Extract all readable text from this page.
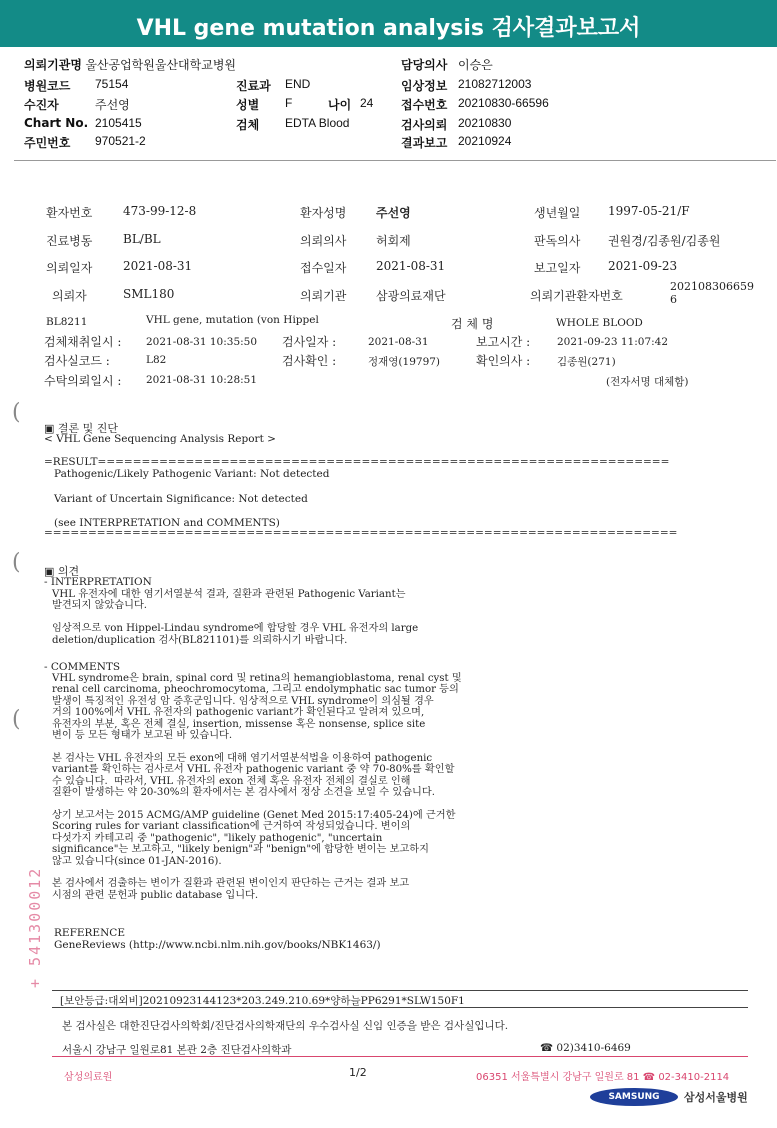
VHL gene mutation analysis 검사결과보고서
의뢰기관명 울산공업학원울산대학교병원
병원코드 75154
수진자	주선영
Chart No. 2105415
주민번호 970521-2
진료과 END
성별 F	나이 24
검체 EDTA Blood
담당의사 이승은
임상정보 21082712003
접수번호 20210830-66596
검사의뢰 20210830
결과보고 20210924
환자번호	473-99-12-8	환자성명 주선영	생년월일 1997-05-21/F
진료병동	BL/BL	의뢰의사 허회제	판독의사 권원경/김종원/김종원
의뢰일자	2021-08-31	접수일자 2021-08-31	보고일자 2021-09-23
의뢰자	SML180	의뢰기관 삼광의료재단	의뢰기관환자번호
202108306659
6
BL8211	VHL gene, mutation (von Hippel	검 체 명	WHOLE BLOOD
검체채취일시 : 2021-08-31 10:35:50 검사일자 :	2021-08-31	보고시간 :	2021-09-23 11:07:42
검사실코드 :	L82	검사확인 :	정재영(19797)	확인의사 :	김종원(271)
수탁의뢰일시 : 2021-08-31 10:28:51	(전자서명 대체함)
(
(
(
▣ 결론 및 진단
< VHL Gene Sequencing Analysis Report >
=RESULT=================================================================
Pathogenic/Likely Pathogenic Variant: Not detected
Variant of Uncertain Significance: Not detected
(see INTERPRETATION and COMMENTS)
========================================================================
▣ 의견
- INTERPRETATION
VHL 유전자에 대한 염기서열분석 결과, 질환과 관련된 Pathogenic Variant는
발견되지 않았습니다.

임상적으로 von Hippel-Lindau syndrome에 합당할 경우 VHL 유전자의 large
deletion/duplication 검사(BL821101)를 의뢰하시기 바랍니다.
- COMMENTS
VHL syndrome은 brain, spinal cord 및 retina의 hemangioblastoma, renal cyst 및
renal cell carcinoma, pheochromocytoma, 그리고 endolymphatic sac tumor 등의
발생이 특징적인 유전성 암 증후군입니다. 임상적으로 VHL syndrome이 의심될 경우
거의 100%에서 VHL 유전자의 pathogenic variant가 확인된다고 알려져 있으며,
유전자의 부분, 혹은 전체 결실, insertion, missense 혹은 nonsense, splice site
변이 등 모든 형태가 보고된 바 있습니다.

본 검사는 VHL 유전자의 모든 exon에 대해 염기서열분석법을 이용하여 pathogenic
variant를 확인하는 검사로서 VHL 유전자 pathogenic variant 중 약 70-80%를 확인할
수 있습니다.  따라서, VHL 유전자의 exon 전체 혹은 유전자 전체의 결실로 인해
질환이 발생하는 약 20-30%의 환자에서는 본 검사에서 정상 소견을 보일 수 있습니다.

상기 보고서는 2015 ACMG/AMP guideline (Genet Med 2015:17:405-24)에 근거한
Scoring rules for variant classification에 근거하여 작성되었습니다. 변이의
다섯가지 카테고리 중 "pathogenic", "likely pathogenic", "uncertain
significance"는 보고하고, "likely benign"과 "benign"에 합당한 변이는 보고하지
않고 있습니다(since 01-JAN-2016).

본 검사에서 검출하는 변이가 질환과 관련된 변이인지 판단하는 근거는 결과 보고
시점의 관련 문헌과 public database 입니다.
REFERENCE
GeneReviews (http://www.ncbi.nlm.nih.gov/books/NBK1463/)
+ 541300012
[보안등급:대외비]20210923144123*203.249.210.69*양하늘PP6291*SLW150F1
본 검사실은 대한진단검사의학회/진단검사의학재단의 우수검사실 신임 인증을 받은 검사실입니다.
서울시 강남구 일원로81 본관 2층 진단검사의학과	☎ 02)3410-6469
삼성의료원	1/2	06351 서울특별시 강남구 일원로 81 ☎ 02-3410-2114
SAMSUNG	삼성서울병원
